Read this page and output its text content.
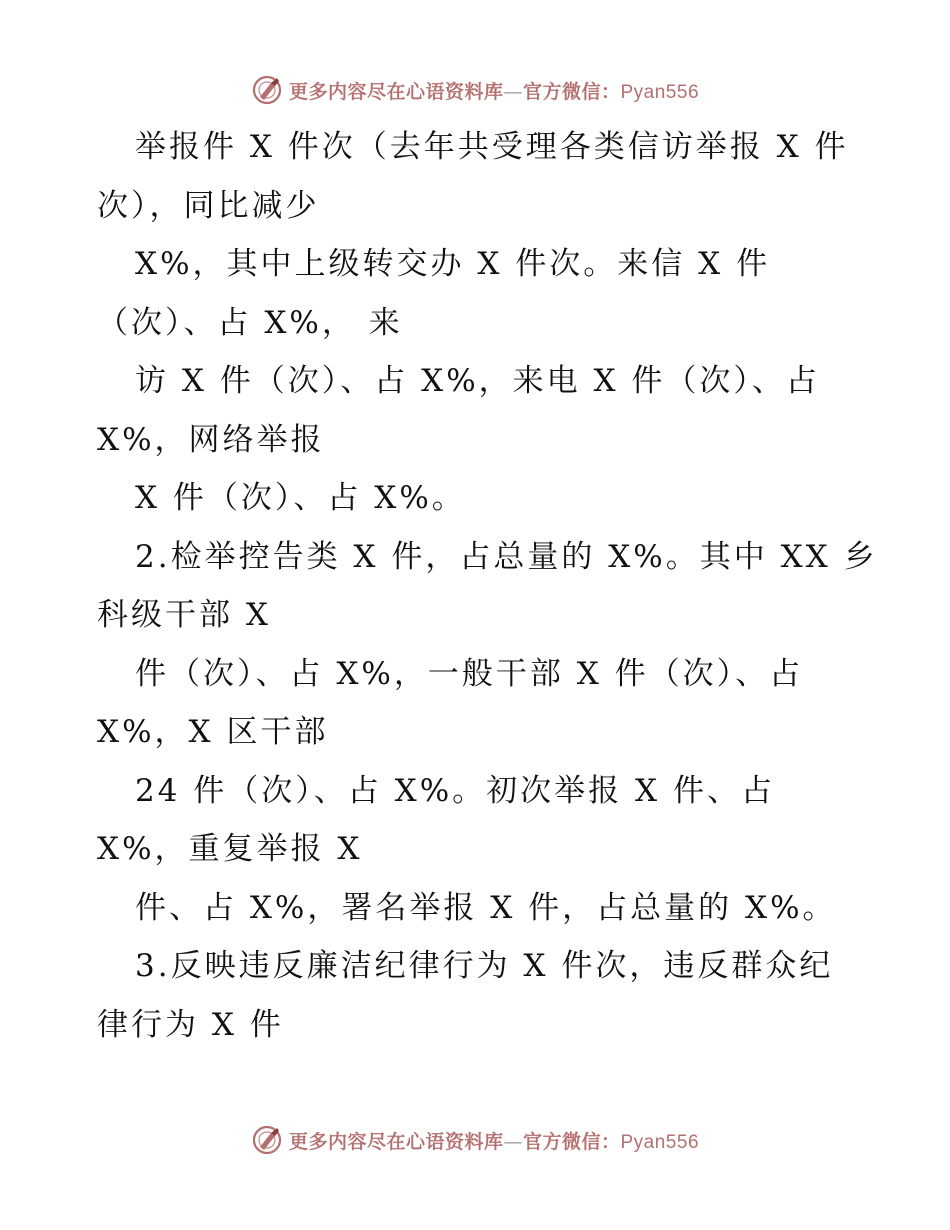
更多内容尽在心语资料库—官方微信：Pyan556
举报件 X 件次（去年共受理各类信访举报 X 件
次），同比减少
X%，其中上级转交办 X 件次。来信 X 件
（次）、占 X%， 来
访 X 件（次）、占 X%，来电 X 件（次）、占
X%，网络举报
X 件（次）、占 X%。
2.检举控告类 X 件，占总量的 X%。其中 XX 乡
科级干部 X
件（次）、占 X%，一般干部 X 件（次）、占
X%，X 区干部
24 件（次）、占 X%。初次举报 X 件、占
X%，重复举报 X
件、占 X%，署名举报 X 件，占总量的 X%。
3.反映违反廉洁纪律行为 X 件次，违反群众纪
律行为 X 件
更多内容尽在心语资料库—官方微信：Pyan556
